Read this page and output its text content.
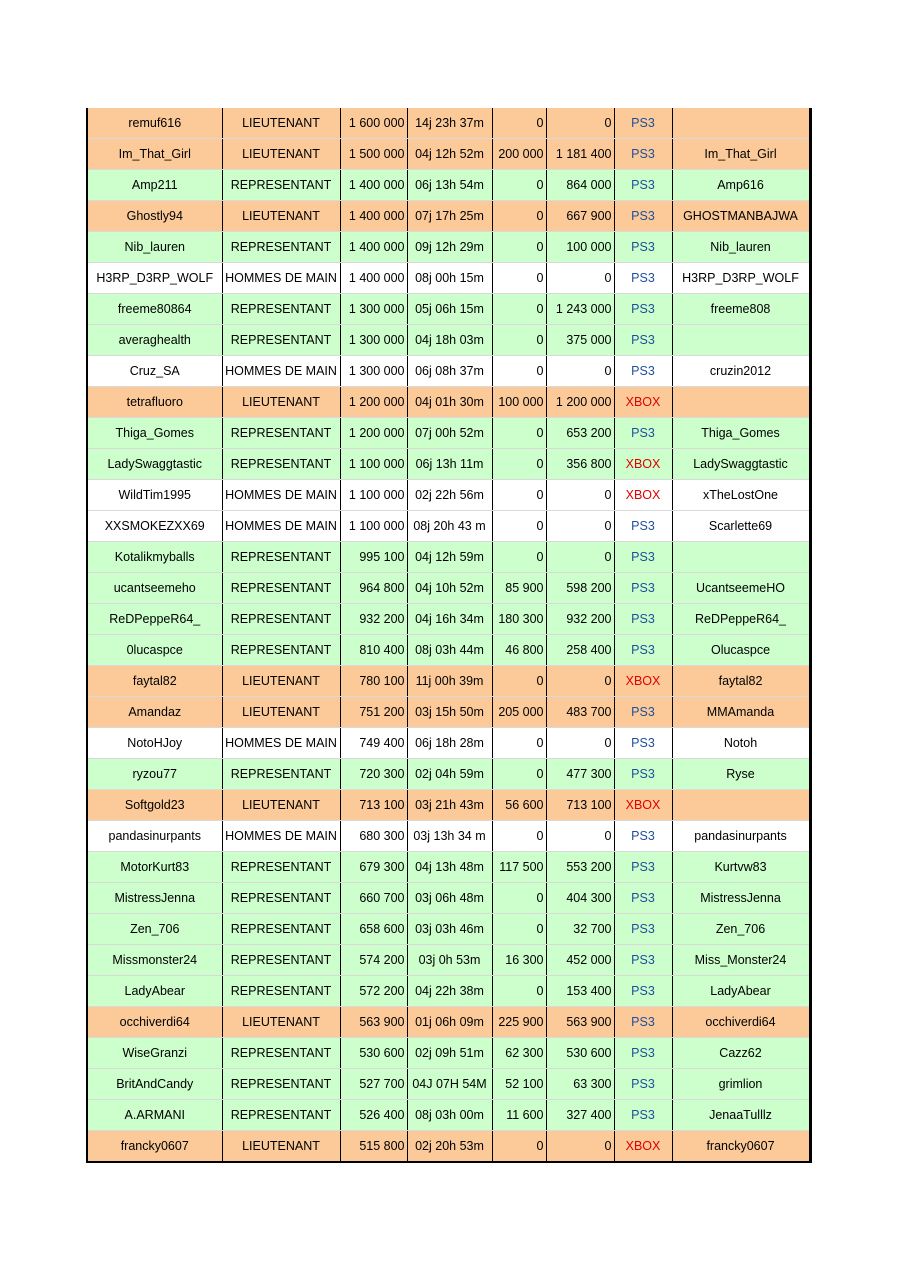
remuf616	LIEUTENANT	1 600 000	14j 23h 37m	0	0	PS3	
Im_That_Girl	LIEUTENANT	1 500 000	04j 12h 52m	200 000	1 181 400	PS3	Im_That_Girl
Amp211	REPRESENTANT	1 400 000	06j 13h 54m	0	864 000	PS3	Amp616
Ghostly94	LIEUTENANT	1 400 000	07j 17h 25m	0	667 900	PS3	GHOSTMANBAJWA
Nib_lauren	REPRESENTANT	1 400 000	09j 12h 29m	0	100 000	PS3	Nib_lauren
H3RP_D3RP_WOLF	HOMMES DE MAIN	1 400 000	08j 00h 15m	0	0	PS3	H3RP_D3RP_WOLF
freeme80864	REPRESENTANT	1 300 000	05j 06h 15m	0	1 243 000	PS3	freeme808
averaghealth	REPRESENTANT	1 300 000	04j 18h 03m	0	375 000	PS3	
Cruz_SA	HOMMES DE MAIN	1 300 000	06j 08h 37m	0	0	PS3	cruzin2012
tetrafluoro	LIEUTENANT	1 200 000	04j 01h 30m	100 000	1 200 000	XBOX	
Thiga_Gomes	REPRESENTANT	1 200 000	07j 00h 52m	0	653 200	PS3	Thiga_Gomes
LadySwaggtastic	REPRESENTANT	1 100 000	06j 13h 11m	0	356 800	XBOX	LadySwaggtastic
WildTim1995	HOMMES DE MAIN	1 100 000	02j 22h 56m	0	0	XBOX	xTheLostOne
XXSMOKEZXX69	HOMMES DE MAIN	1 100 000	08j 20h 43 m	0	0	PS3	Scarlette69
Kotalikmyballs	REPRESENTANT	995 100	04j 12h 59m	0	0	PS3	
ucantseemeho	REPRESENTANT	964 800	04j 10h 52m	85 900	598 200	PS3	UcantseemeHO
ReDPeppeR64_	REPRESENTANT	932 200	04j 16h 34m	180 300	932 200	PS3	ReDPeppeR64_
0lucaspce	REPRESENTANT	810 400	08j 03h 44m	46 800	258 400	PS3	Olucaspce
faytal82	LIEUTENANT	780 100	11j 00h 39m	0	0	XBOX	faytal82
Amandaz	LIEUTENANT	751 200	03j 15h 50m	205 000	483 700	PS3	MMAmanda
NotoHJoy	HOMMES DE MAIN	749 400	06j 18h 28m	0	0	PS3	Notoh
ryzou77	REPRESENTANT	720 300	02j 04h 59m	0	477 300	PS3	Ryse
Softgold23	LIEUTENANT	713 100	03j 21h 43m	56 600	713 100	XBOX	
pandasinurpants	HOMMES DE MAIN	680 300	03j 13h 34 m	0	0	PS3	pandasinurpants
MotorKurt83	REPRESENTANT	679 300	04j 13h 48m	117 500	553 200	PS3	Kurtvw83
MistressJenna	REPRESENTANT	660 700	03j 06h 48m	0	404 300	PS3	MistressJenna
Zen_706	REPRESENTANT	658 600	03j 03h 46m	0	32 700	PS3	Zen_706
Missmonster24	REPRESENTANT	574 200	03j 0h 53m	16 300	452 000	PS3	Miss_Monster24
LadyAbear	REPRESENTANT	572 200	04j 22h 38m	0	153 400	PS3	LadyAbear
occhiverdi64	LIEUTENANT	563 900	01j 06h 09m	225 900	563 900	PS3	occhiverdi64
WiseGranzi	REPRESENTANT	530 600	02j 09h 51m	62 300	530 600	PS3	Cazz62
BritAndCandy	REPRESENTANT	527 700	04J 07H 54M	52 100	63 300	PS3	grimlion
A.ARMANI	REPRESENTANT	526 400	08j 03h 00m	11 600	327 400	PS3	JenaaTulllz
francky0607	LIEUTENANT	515 800	02j 20h 53m	0	0	XBOX	francky0607
